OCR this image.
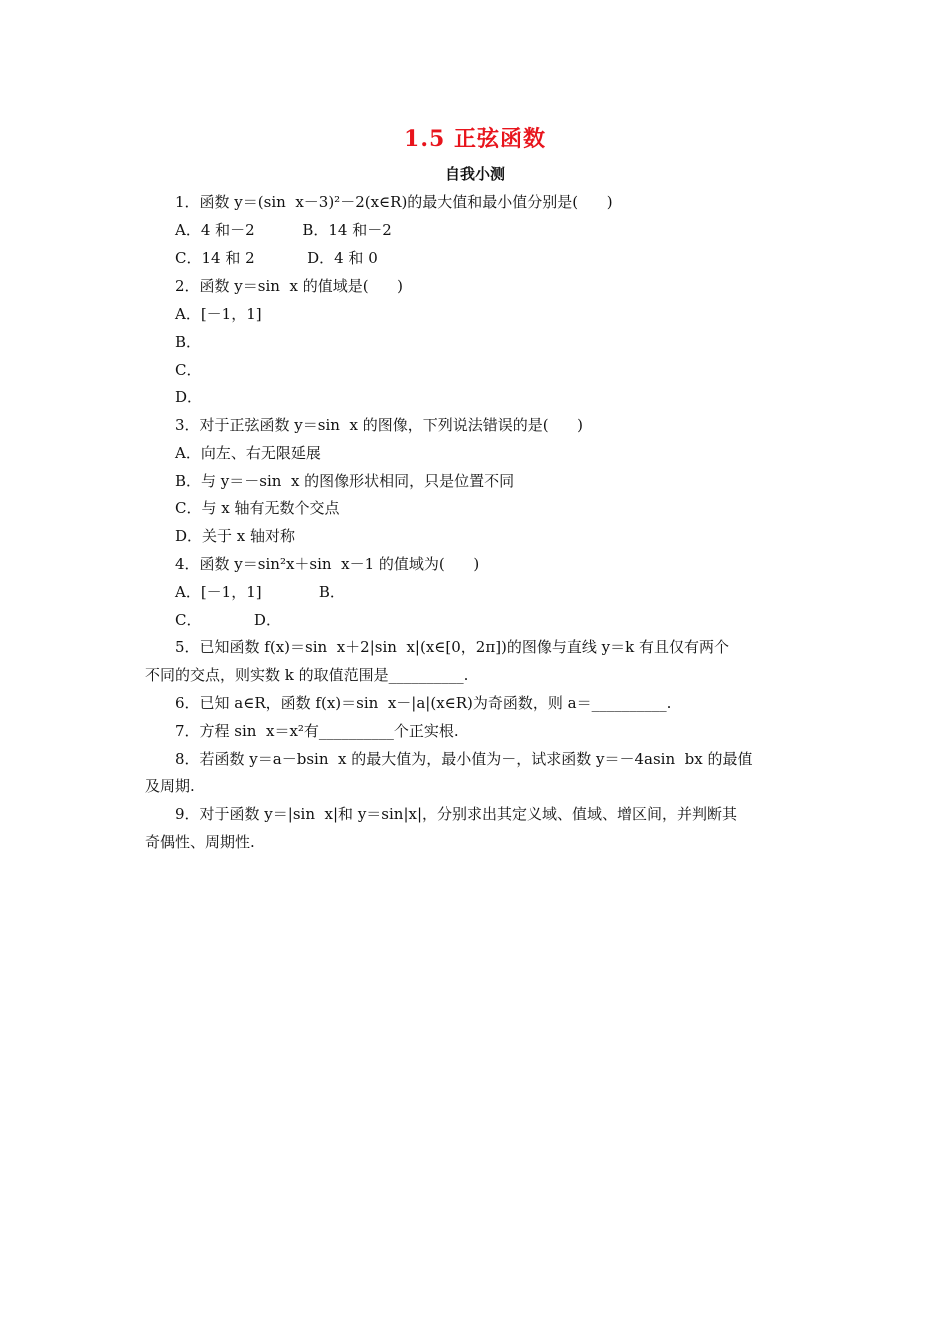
1.5 正弦函数
自我小测
1．函数 y＝(sin  x－3)²－2(x∈R)的最大值和最小值分别是(      )
A．4 和－2          B．14 和－2
C．14 和 2           D．4 和 0
2．函数 y＝sin  x 的值域是(      )
A．[－1，1]
B．
C．
D．
3．对于正弦函数 y＝sin  x 的图像，下列说法错误的是(      )
A．向左、右无限延展
B．与 y＝－sin  x 的图像形状相同，只是位置不同
C．与 x 轴有无数个交点
D．关于 x 轴对称
4．函数 y＝sin²x＋sin  x－1 的值域为(      )
A．[－1，1]            B．
C．           D．
5．已知函数 f(x)＝sin  x＋2|sin  x|(x∈[0，2π])的图像与直线 y＝k 有且仅有两个
不同的交点，则实数 k 的取值范围是__________.
6．已知 a∈R，函数 f(x)＝sin  x－|a|(x∈R)为奇函数，则 a＝__________.
7．方程 sin  x＝x²有__________个正实根.
8．若函数 y＝a－bsin  x 的最大值为，最小值为－，试求函数 y＝－4asin  bx 的最值
及周期.
9．对于函数 y＝|sin  x|和 y＝sin|x|，分别求出其定义域、值域、增区间，并判断其
奇偶性、周期性.
